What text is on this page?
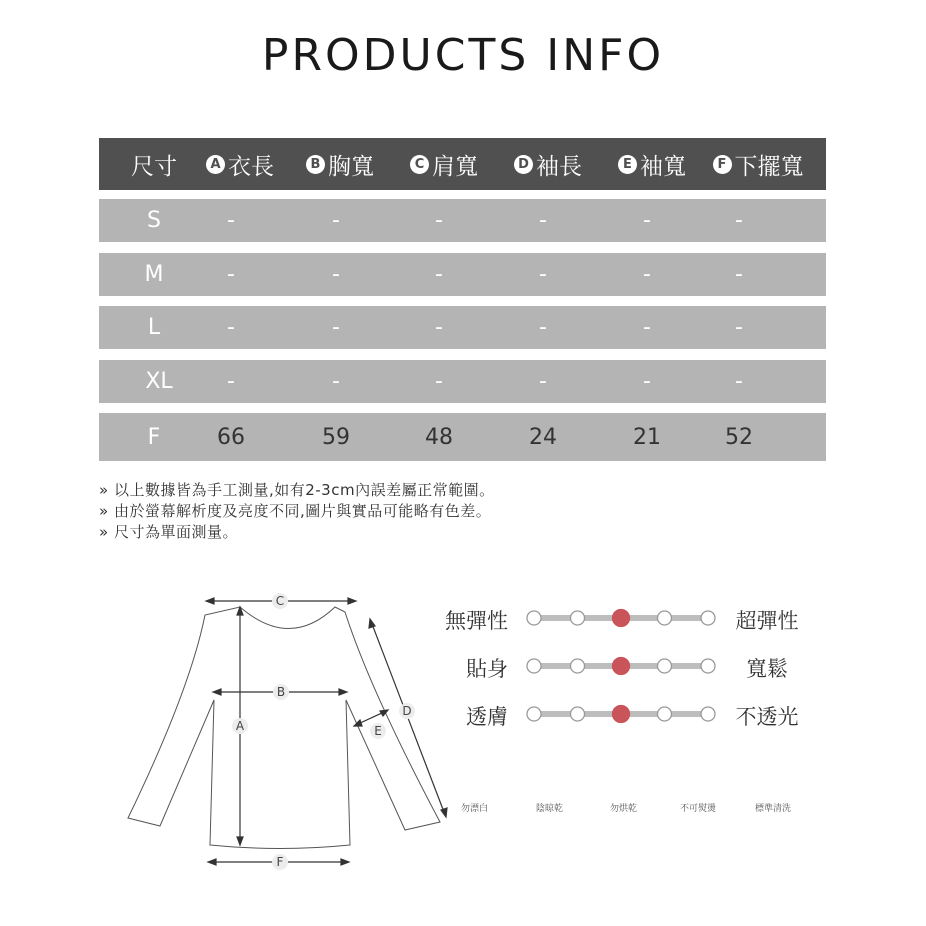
PRODUCTS INFO
尺寸	A 衣長	B 胸寬	C 肩寬	D 袖長	E 袖寬	F 下擺寬
S	-	-	-	-	-	-
M	-	-	-	-	-	-
L	-	-	-	-	-	-
XL	-	-	-	-	-	-
F	66	59	48	24	21	52
» 以上數據皆為手工測量,如有2-3cm內誤差屬正常範圍。
» 由於螢幕解析度及亮度不同,圖片與實品可能略有色差。
» 尺寸為單面測量。
C
A
B
D
E
F
無彈性	超彈性
貼身	寬鬆
透膚	不透光
勿漂白	陰晾乾	勿烘乾	不可熨燙	標準清洗
